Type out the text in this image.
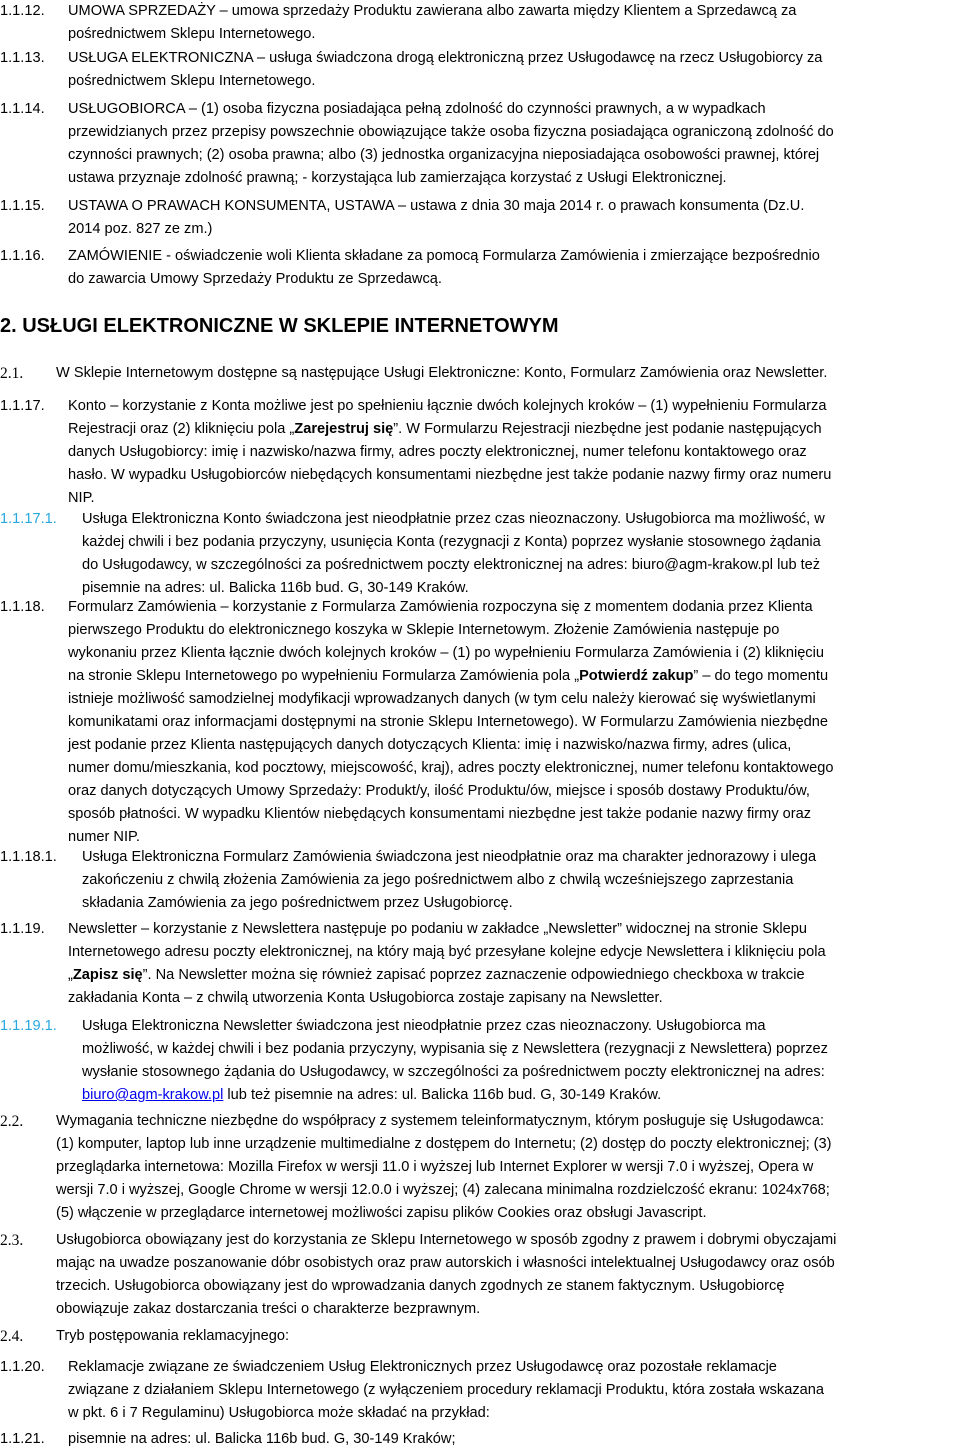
1.1.12. UMOWA SPRZEDAŻY – umowa sprzedaży Produktu zawierana albo zawarta między Klientem a Sprzedawcą za
pośrednictwem Sklepu Internetowego.
1.1.13. USŁUGA ELEKTRONICZNA – usługa świadczona drogą elektroniczną przez Usługodawcę na rzecz Usługobiorcy za
pośrednictwem Sklepu Internetowego.
1.1.14. USŁUGOBIORCA – (1) osoba fizyczna posiadająca pełną zdolność do czynności prawnych, a w wypadkach
przewidzianych przez przepisy powszechnie obowiązujące także osoba fizyczna posiadająca ograniczoną zdolność do
czynności prawnych; (2) osoba prawna; albo (3) jednostka organizacyjna nieposiadająca osobowości prawnej, której
ustawa przyznaje zdolność prawną; - korzystająca lub zamierzająca korzystać z Usługi Elektronicznej.
1.1.15. USTAWA O PRAWACH KONSUMENTA, USTAWA – ustawa z dnia 30 maja 2014 r. o prawach konsumenta (Dz.U.
2014 poz. 827 ze zm.)
1.1.16. ZAMÓWIENIE - oświadczenie woli Klienta składane za pomocą Formularza Zamówienia i zmierzające bezpośrednio
do zawarcia Umowy Sprzedaży Produktu ze Sprzedawcą.
2. USŁUGI ELEKTRONICZNE W SKLEPIE INTERNETOWYM
2.1. W Sklepie Internetowym dostępne są następujące Usługi Elektroniczne: Konto, Formularz Zamówienia oraz Newsletter.
1.1.17. Konto – korzystanie z Konta możliwe jest po spełnieniu łącznie dwóch kolejnych kroków – (1) wypełnieniu Formularza
Rejestracji oraz (2) kliknięciu pola „Zarejestruj się”. W Formularzu Rejestracji niezbędne jest podanie następujących
danych Usługobiorcy: imię i nazwisko/nazwa firmy, adres poczty elektronicznej, numer telefonu kontaktowego oraz
hasło. W wypadku Usługobiorców niebędących konsumentami niezbędne jest także podanie nazwy firmy oraz numeru
NIP.
1.1.17.1. Usługa Elektroniczna Konto świadczona jest nieodpłatnie przez czas nieoznaczony. Usługobiorca ma możliwość, w
każdej chwili i bez podania przyczyny, usunięcia Konta (rezygnacji z Konta) poprzez wysłanie stosownego żądania
do Usługodawcy, w szczególności za pośrednictwem poczty elektronicznej na adres: biuro@agm-krakow.pl lub też
pisemnie na adres: ul. Balicka 116b bud. G, 30-149 Kraków.
1.1.18. Formularz Zamówienia – korzystanie z Formularza Zamówienia rozpoczyna się z momentem dodania przez Klienta
pierwszego Produktu do elektronicznego koszyka w Sklepie Internetowym. Złożenie Zamówienia następuje po
wykonaniu przez Klienta łącznie dwóch kolejnych kroków – (1) po wypełnieniu Formularza Zamówienia i (2) kliknięciu
na stronie Sklepu Internetowego po wypełnieniu Formularza Zamówienia pola „Potwierdź zakup” – do tego momentu
istnieje możliwość samodzielnej modyfikacji wprowadzanych danych (w tym celu należy kierować się wyświetlanymi
komunikatami oraz informacjami dostępnymi na stronie Sklepu Internetowego). W Formularzu Zamówienia niezbędne
jest podanie przez Klienta następujących danych dotyczących Klienta: imię i nazwisko/nazwa firmy, adres (ulica,
numer domu/mieszkania, kod pocztowy, miejscowość, kraj), adres poczty elektronicznej, numer telefonu kontaktowego
oraz danych dotyczących Umowy Sprzedaży: Produkt/y, ilość Produktu/ów, miejsce i sposób dostawy Produktu/ów,
sposób płatności. W wypadku Klientów niebędących konsumentami niezbędne jest także podanie nazwy firmy oraz
numer NIP.
1.1.18.1. Usługa Elektroniczna Formularz Zamówienia świadczona jest nieodpłatnie oraz ma charakter jednorazowy i ulega
zakończeniu z chwilą złożenia Zamówienia za jego pośrednictwem albo z chwilą wcześniejszego zaprzestania
składania Zamówienia za jego pośrednictwem przez Usługobiorcę.
1.1.19. Newsletter – korzystanie z Newslettera następuje po podaniu w zakładce „Newsletter” widocznej na stronie Sklepu
Internetowego adresu poczty elektronicznej, na który mają być przesyłane kolejne edycje Newslettera i kliknięciu pola
„Zapisz się”. Na Newsletter można się również zapisać poprzez zaznaczenie odpowiedniego checkboxa w trakcie
zakładania Konta – z chwilą utworzenia Konta Usługobiorca zostaje zapisany na Newsletter.
1.1.19.1. Usługa Elektroniczna Newsletter świadczona jest nieodpłatnie przez czas nieoznaczony. Usługobiorca ma
możliwość, w każdej chwili i bez podania przyczyny, wypisania się z Newslettera (rezygnacji z Newslettera) poprzez
wysłanie stosownego żądania do Usługodawcy, w szczególności za pośrednictwem poczty elektronicznej na adres:
biuro@agm-krakow.pl lub też pisemnie na adres: ul. Balicka 116b bud. G, 30-149 Kraków.
2.2. Wymagania techniczne niezbędne do współpracy z systemem teleinformatycznym, którym posługuje się Usługodawca:
(1) komputer, laptop lub inne urządzenie multimedialne z dostępem do Internetu; (2) dostęp do poczty elektronicznej; (3)
przeglądarka internetowa: Mozilla Firefox w wersji 11.0 i wyższej lub Internet Explorer w wersji 7.0 i wyższej, Opera w
wersji 7.0 i wyższej, Google Chrome w wersji 12.0.0 i wyższej; (4) zalecana minimalna rozdzielczość ekranu: 1024x768;
(5) włączenie w przeglądarce internetowej możliwości zapisu plików Cookies oraz obsługi Javascript.
2.3. Usługobiorca obowiązany jest do korzystania ze Sklepu Internetowego w sposób zgodny z prawem i dobrymi obyczajami
mając na uwadze poszanowanie dóbr osobistych oraz praw autorskich i własności intelektualnej Usługodawcy oraz osób
trzecich. Usługobiorca obowiązany jest do wprowadzania danych zgodnych ze stanem faktycznym. Usługobiorcę
obowiązuje zakaz dostarczania treści o charakterze bezprawnym.
2.4. Tryb postępowania reklamacyjnego:
1.1.20. Reklamacje związane ze świadczeniem Usług Elektronicznych przez Usługodawcę oraz pozostałe reklamacje
związane z działaniem Sklepu Internetowego (z wyłączeniem procedury reklamacji Produktu, która została wskazana
w pkt. 6 i 7 Regulaminu) Usługobiorca może składać na przykład:
1.1.21. pisemnie na adres: ul. Balicka 116b bud. G, 30-149 Kraków;
